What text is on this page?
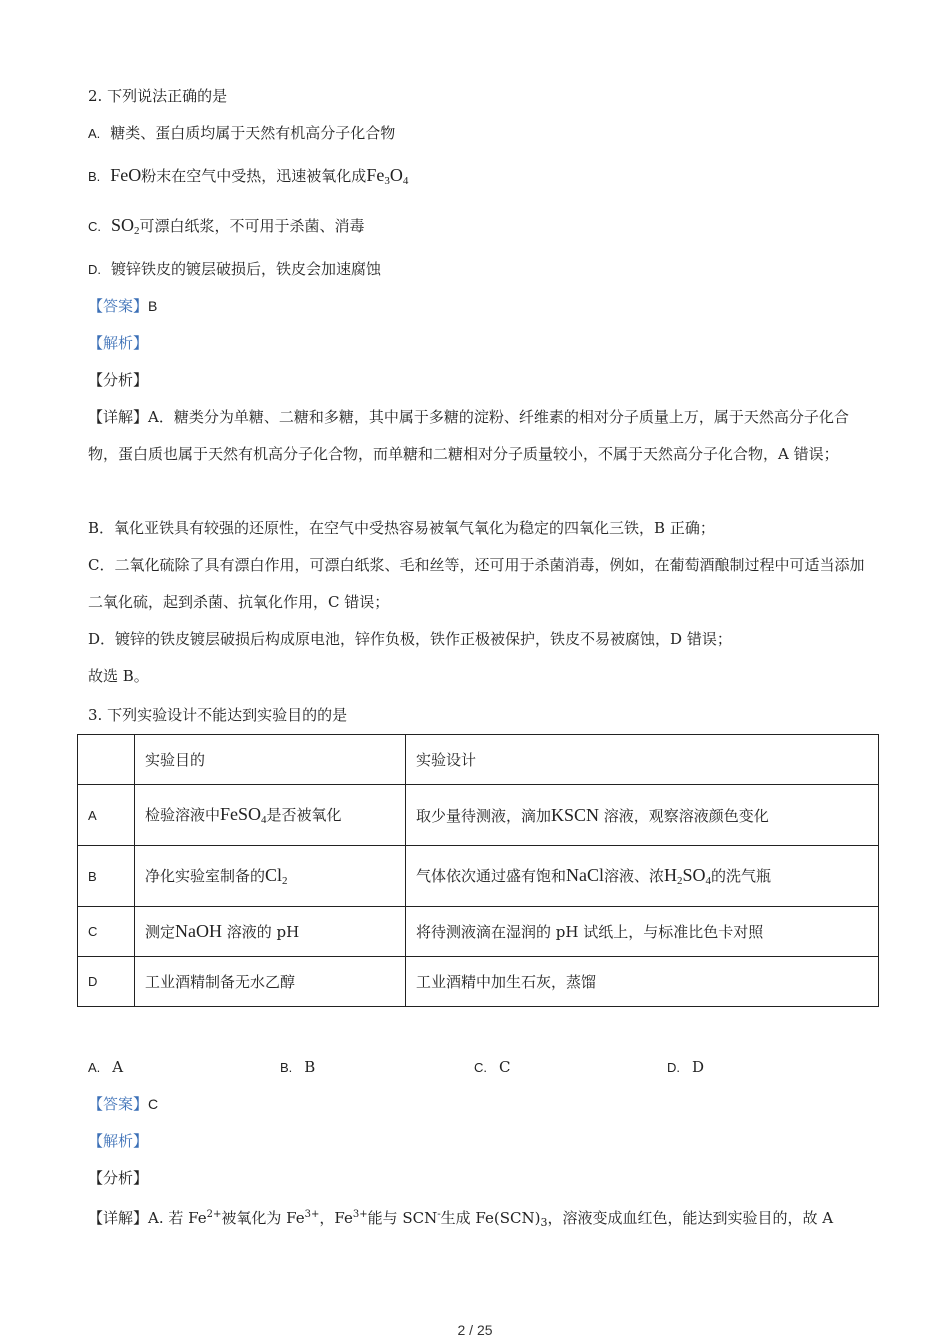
2. 下列说法正确的是
A. 糖类、蛋白质均属于天然有机高分子化合物
B. FeO粉末在空气中受热，迅速被氧化成$Fe_3O_4$
C. $SO_2$可漂白纸浆，不可用于杀菌、消毒
D. 镀锌铁皮的镀层破损后，铁皮会加速腐蚀
【答案】B
【解析】
【分析】
【详解】A．糖类分为单糖、二糖和多糖，其中属于多糖的淀粉、纤维素的相对分子质量上万，属于天然高分子化合物，蛋白质也属于天然有机高分子化合物，而单糖和二糖相对分子质量较小，不属于天然高分子化合物，A 错误；
B．氧化亚铁具有较强的还原性，在空气中受热容易被氧气氧化为稳定的四氧化三铁，B 正确；
C．二氧化硫除了具有漂白作用，可漂白纸浆、毛和丝等，还可用于杀菌消毒，例如，在葡萄酒酿制过程中可适当添加二氧化硫，起到杀菌、抗氧化作用，C 错误；
D．镀锌的铁皮镀层破损后构成原电池，锌作负极，铁作正极被保护，铁皮不易被腐蚀，D 错误；
故选 B。
3. 下列实验设计不能达到实验目的的是
	实验目的	实验设计
A	检验溶液中FeSO$_4$是否被氧化	取少量待测液，滴加KSCN 溶液，观察溶液颜色变化
B	净化实验室制备的$Cl_2$	气体依次通过盛有饱和NaCl溶液、浓$H_2SO_4$的洗气瓶
C	测定NaOH 溶液的 pH	将待测液滴在湿润的 pH 试纸上，与标准比色卡对照
D	工业酒精制备无水乙醇	工业酒精中加生石灰，蒸馏
A. A	B. B	C. C	D. D
【答案】C
【解析】
【分析】
【详解】A. 若 $Fe^{2+}$被氧化为 $Fe^{3+}$，$Fe^{3+}$能与 SCN-生成 $Fe(SCN)_3$，溶液变成血红色，能达到实验目的，故 A
2 / 25
